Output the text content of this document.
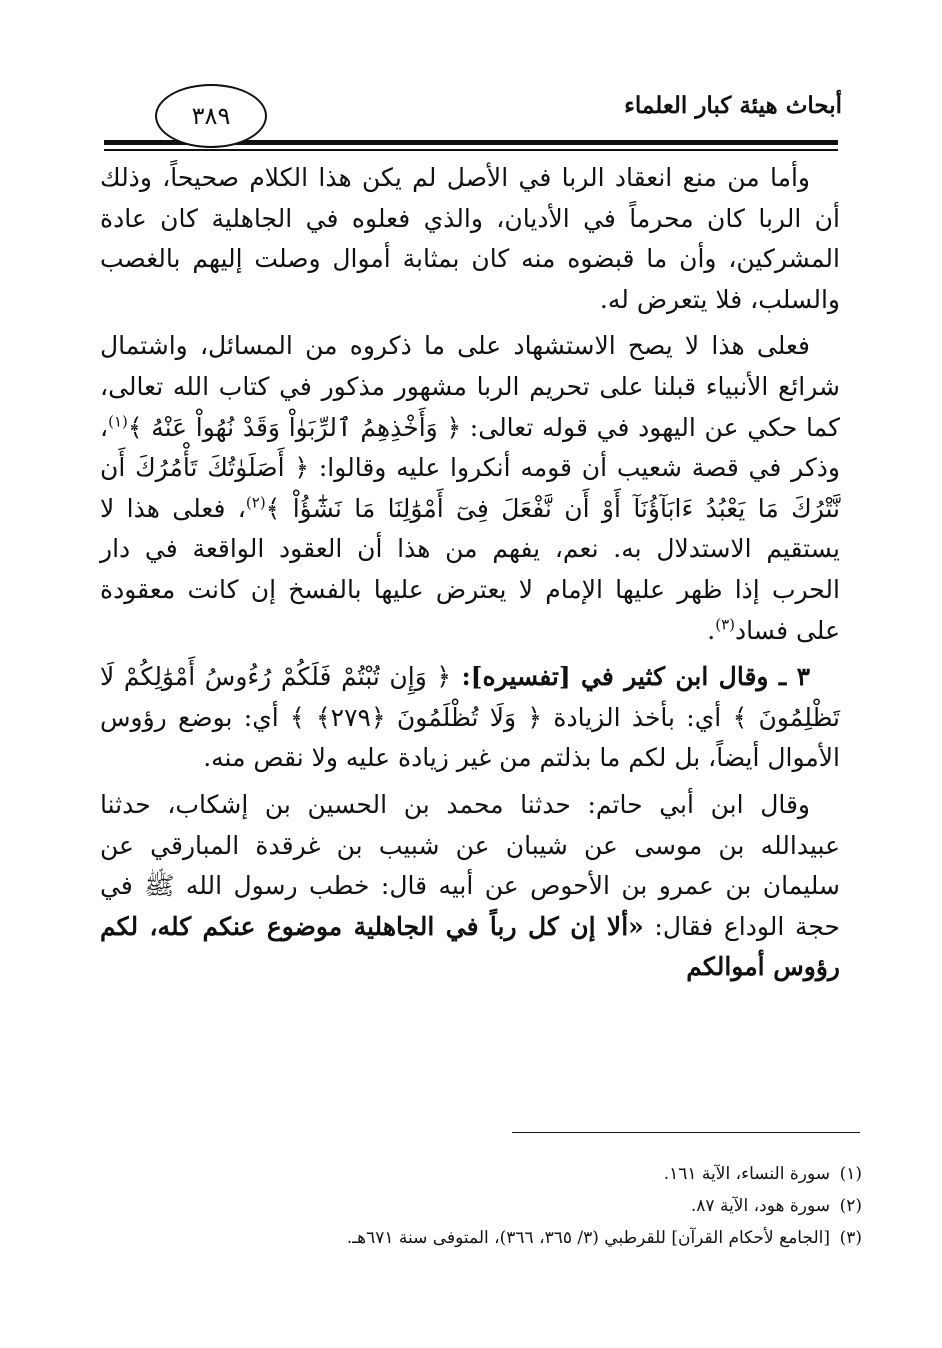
أبحاث هيئة كبار العلماء
٣٨٩

وأما من منع انعقاد الربا في الأصل لم يكن هذا الكلام صحيحاً، وذلك أن الربا كان محرماً في الأديان، والذي فعلوه في الجاهلية كان عادة المشركين، وأن ما قبضوه منه كان بمثابة أموال وصلت إليهم بالغصب والسلب، فلا يتعرض له.

فعلى هذا لا يصح الاستشهاد على ما ذكروه من المسائل، واشتمال شرائع الأنبياء قبلنا على تحريم الربا مشهور مذكور في كتاب الله تعالى، كما حكي عن اليهود في قوله تعالى: ﴿ وَأَخْذِهِمُ ٱلرِّبَوٰاْ وَقَدْ نُهُواْ عَنْهُ ﴾$^{(١)}$، وذكر في قصة شعيب أن قومه أنكروا عليه وقالوا: ﴿ أَصَلَوٰتُكَ تَأْمُرُكَ أَن نَّتْرُكَ مَا يَعْبُدُ ءَابَآؤُنَآ أَوْ أَن نَّفْعَلَ فِىٓ أَمْوَٰلِنَا مَا نَشَٰٓؤُاْ ﴾$^{(٢)}$، فعلى هذا لا يستقيم الاستدلال به. نعم، يفهم من هذا أن العقود الواقعة في دار الحرب إذا ظهر عليها الإمام لا يعترض عليها بالفسخ إن كانت معقودة على فساد$^{(٣)}$.

٣ ـ وقال ابن كثير في [تفسيره]: ﴿ وَإِن تُبْتُمْ فَلَكُمْ رُءُوسُ أَمْوَٰلِكُمْ لَا تَظْلِمُونَ ﴾ أي: بأخذ الزيادة ﴿ وَلَا تُظْلَمُونَ ﴿٢٧٩﴾ ﴾ أي: بوضع رؤوس الأموال أيضاً، بل لكم ما بذلتم من غير زيادة عليه ولا نقص منه.

وقال ابن أبي حاتم: حدثنا محمد بن الحسين بن إشكاب، حدثنا عبيدالله بن موسى عن شيبان عن شبيب بن غرقدة المبارقي عن سليمان بن عمرو بن الأحوص عن أبيه قال: خطب رسول الله ﷺ في حجة الوداع فقال: «ألا إن كل رباً في الجاهلية موضوع عنكم كله، لكم رؤوس أموالكم

(١)
سورة النساء، الآية ١٦١.
(٢)
سورة هود، الآية ٨٧.
(٣)
[الجامع لأحكام القرآن] للقرطبي (٣/ ٣٦٥، ٣٦٦)، المتوفى سنة ٦٧١هـ.
